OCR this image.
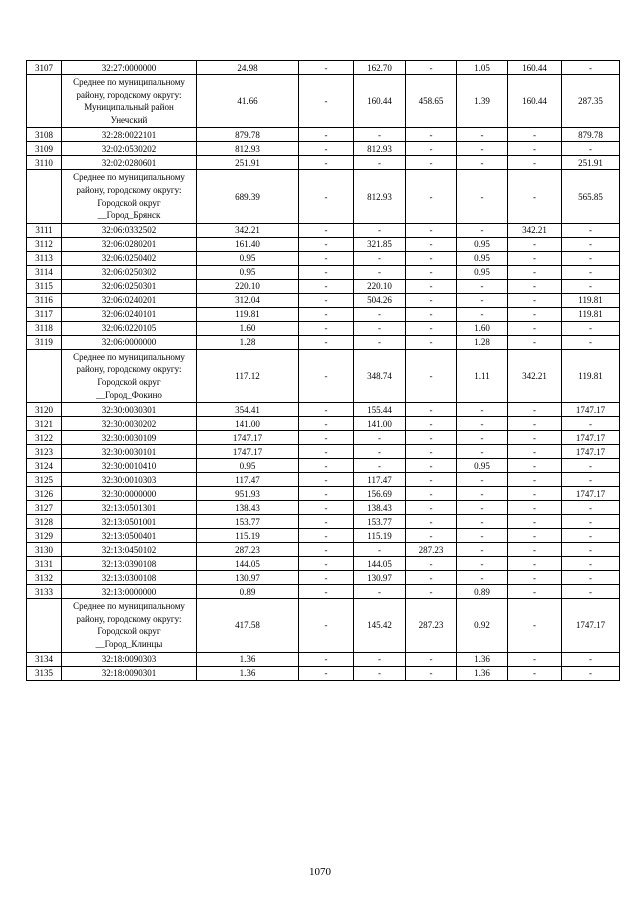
3107	32:27:0000000	24.98	-	162.70	-	1.05	160.44	-
	Среднее по муниципальному району, городскому округу: Муниципальный район Унечский	41.66	-	160.44	458.65	1.39	160.44	287.35
3108	32:28:0022101	879.78	-	-	-	-	-	879.78
3109	32:02:0530202	812.93	-	812.93	-	-	-	-
3110	32:02:0280601	251.91	-	-	-	-	-	251.91
	Среднее по муниципальному району, городскому округу: Городской округ __Город_Брянск	689.39	-	812.93	-	-	-	565.85
3111	32:06:0332502	342.21	-	-	-	-	342.21	-
3112	32:06:0280201	161.40	-	321.85	-	0.95	-	-
3113	32:06:0250402	0.95	-	-	-	0.95	-	-
3114	32:06:0250302	0.95	-	-	-	0.95	-	-
3115	32:06:0250301	220.10	-	220.10	-	-	-	-
3116	32:06:0240201	312.04	-	504.26	-	-	-	119.81
3117	32:06:0240101	119.81	-	-	-	-	-	119.81
3118	32:06:0220105	1.60	-	-	-	1.60	-	-
3119	32:06:0000000	1.28	-	-	-	1.28	-	-
	Среднее по муниципальному району, городскому округу: Городской округ __Город_Фокино	117.12	-	348.74	-	1.11	342.21	119.81
3120	32:30:0030301	354.41	-	155.44	-	-	-	1747.17
3121	32:30:0030202	141.00	-	141.00	-	-	-	-
3122	32:30:0030109	1747.17	-	-	-	-	-	1747.17
3123	32:30:0030101	1747.17	-	-	-	-	-	1747.17
3124	32:30:0010410	0.95	-	-	-	0.95	-	-
3125	32:30:0010303	117.47	-	117.47	-	-	-	-
3126	32:30:0000000	951.93	-	156.69	-	-	-	1747.17
3127	32:13:0501301	138.43	-	138.43	-	-	-	-
3128	32:13:0501001	153.77	-	153.77	-	-	-	-
3129	32:13:0500401	115.19	-	115.19	-	-	-	-
3130	32:13:0450102	287.23	-	-	287.23	-	-	-
3131	32:13:0390108	144.05	-	144.05	-	-	-	-
3132	32:13:0300108	130.97	-	130.97	-	-	-	-
3133	32:13:0000000	0.89	-	-	-	0.89	-	-
	Среднее по муниципальному району, городскому округу: Городской округ __Город_Клинцы	417.58	-	145.42	287.23	0.92	-	1747.17
3134	32:18:0090303	1.36	-	-	-	1.36	-	-
3135	32:18:0090301	1.36	-	-	-	1.36	-	-
1070
